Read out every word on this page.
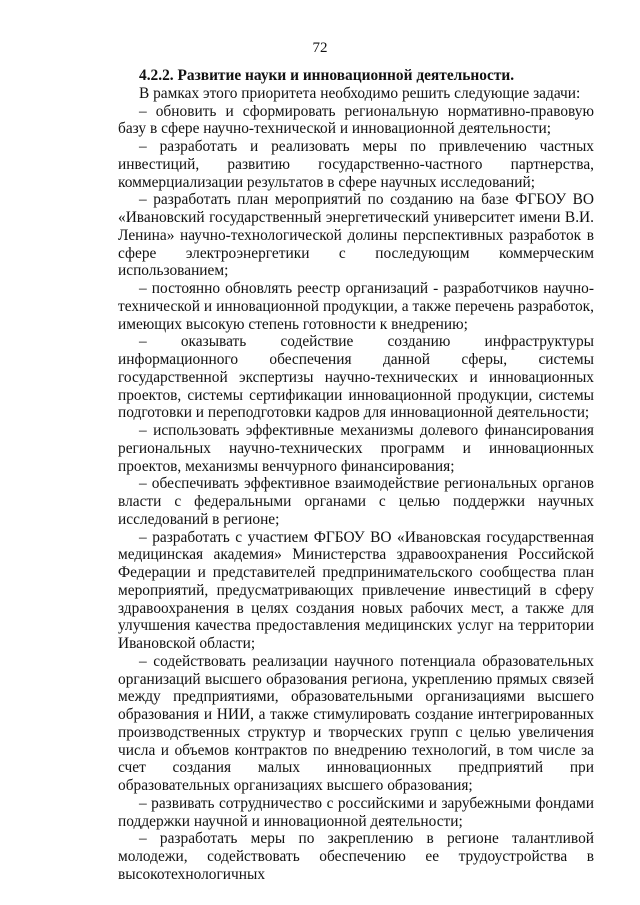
72

4.2.2. Развитие науки и инновационной деятельности.

В рамках этого приоритета необходимо решить следующие задачи:

– обновить и сформировать региональную нормативно-правовую базу в сфере научно-технической и инновационной деятельности;

– разработать и реализовать меры по привлечению частных инвестиций, развитию государственно-частного партнерства, коммерциализации результатов в сфере научных исследований;

– разработать план мероприятий по созданию на базе ФГБОУ ВО «Ивановский государственный энергетический университет имени В.И. Ленина» научно-технологической долины перспективных разработок в сфере электроэнергетики с последующим коммерческим использованием;

– постоянно обновлять реестр организаций - разработчиков научно-технической и инновационной продукции, а также перечень разработок, имеющих высокую степень готовности к внедрению;

– оказывать содействие созданию инфраструктуры информационного обеспечения данной сферы, системы государственной экспертизы научно-технических и инновационных проектов, системы сертификации инновационной продукции, системы подготовки и переподготовки кадров для инновационной деятельности;

– использовать эффективные механизмы долевого финансирования региональных научно-технических программ и инновационных проектов, механизмы венчурного финансирования;

– обеспечивать эффективное взаимодействие региональных органов власти с федеральными органами с целью поддержки научных исследований в регионе;

– разработать с участием ФГБОУ ВО «Ивановская государственная медицинская академия» Министерства здравоохранения Российской Федерации и представителей предпринимательского сообщества план мероприятий, предусматривающих привлечение инвестиций в сферу здравоохранения в целях создания новых рабочих мест, а также для улучшения качества предоставления медицинских услуг на территории Ивановской области;

– содействовать реализации научного потенциала образовательных организаций высшего образования региона, укреплению прямых связей между предприятиями, образовательными организациями высшего образования и НИИ, а также стимулировать создание интегрированных производственных структур и творческих групп с целью увеличения числа и объемов контрактов по внедрению технологий, в том числе за счет создания малых инновационных предприятий при образовательных организациях высшего образования;

– развивать сотрудничество с российскими и зарубежными фондами поддержки научной и инновационной деятельности;

– разработать меры по закреплению в регионе талантливой молодежи, содействовать обеспечению ее трудоустройства в высокотехнологичных
